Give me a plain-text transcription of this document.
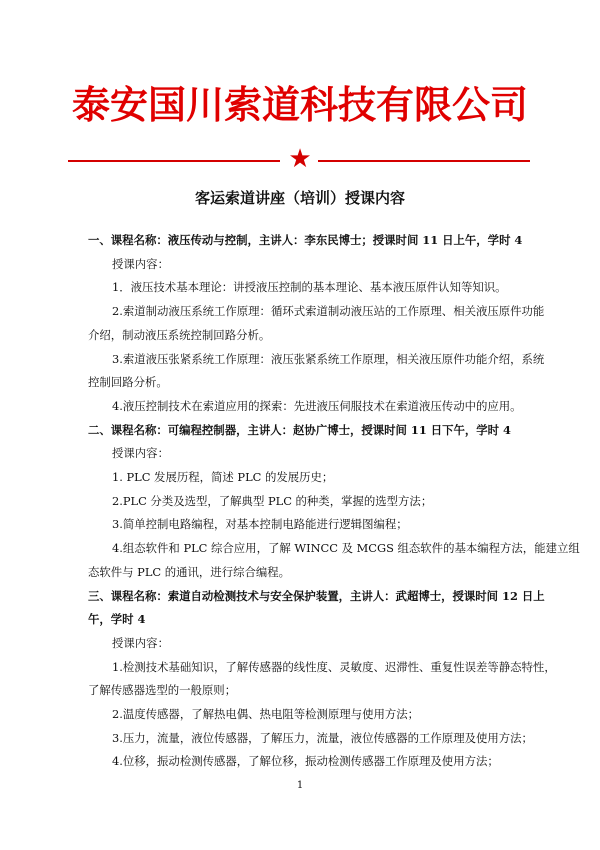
泰安国川索道科技有限公司
★
客运索道讲座（培训）授课内容
一、课程名称：液压传动与控制，主讲人：李东民博士；授课时间 11 日上午，学时 4
授课内容：
1．液压技术基本理论：讲授液压控制的基本理论、基本液压原件认知等知识。
2.索道制动液压系统工作原理：循环式索道制动液压站的工作原理、相关液压原件功能
介绍，制动液压系统控制回路分析。
3.索道液压张紧系统工作原理：液压张紧系统工作原理，相关液压原件功能介绍，系统
控制回路分析。
4.液压控制技术在索道应用的探索：先进液压伺服技术在索道液压传动中的应用。
二、课程名称：可编程控制器，主讲人：赵协广博士，授课时间 11 日下午，学时 4
授课内容：
1. PLC 发展历程，简述 PLC 的发展历史；
2.PLC 分类及选型，了解典型 PLC 的种类，掌握的选型方法；
3.简单控制电路编程，对基本控制电路能进行逻辑图编程；
4.组态软件和 PLC 综合应用，了解 WINCC 及 MCGS 组态软件的基本编程方法，能建立组
态软件与 PLC 的通讯，进行综合编程。
三、课程名称：索道自动检测技术与安全保护装置，主讲人：武超博士，授课时间 12 日上
午，学时 4
授课内容：
1.检测技术基础知识，了解传感器的线性度、灵敏度、迟滞性、重复性误差等静态特性，
了解传感器选型的一般原则；
2.温度传感器，了解热电偶、热电阻等检测原理与使用方法；
3.压力，流量，液位传感器，了解压力，流量，液位传感器的工作原理及使用方法；
4.位移，振动检测传感器，了解位移，振动检测传感器工作原理及使用方法；
1
